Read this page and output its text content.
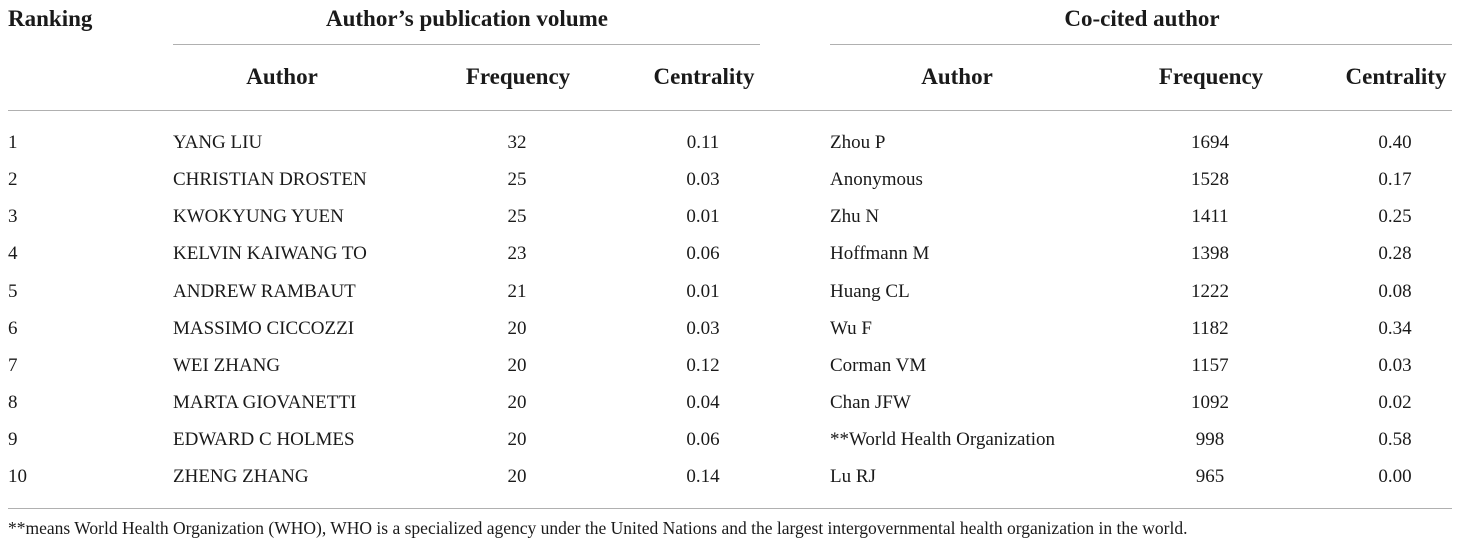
Ranking	Author’s publication volume	Co-cited author
Author	Frequency	Centrality	Author	Frequency	Centrality
1	YANG LIU	32	0.11	Zhou P	1694	0.40
2	CHRISTIAN DROSTEN	25	0.03	Anonymous	1528	0.17
3	KWOKYUNG YUEN	25	0.01	Zhu N	1411	0.25
4	KELVIN KAIWANG TO	23	0.06	Hoffmann M	1398	0.28
5	ANDREW RAMBAUT	21	0.01	Huang CL	1222	0.08
6	MASSIMO CICCOZZI	20	0.03	Wu F	1182	0.34
7	WEI ZHANG	20	0.12	Corman VM	1157	0.03
8	MARTA GIOVANETTI	20	0.04	Chan JFW	1092	0.02
9	EDWARD C HOLMES	20	0.06	**World Health Organization	998	0.58
10	ZHENG ZHANG	20	0.14	Lu RJ	965	0.00
**means World Health Organization (WHO), WHO is a specialized agency under the United Nations and the largest intergovernmental health organization in the world.
